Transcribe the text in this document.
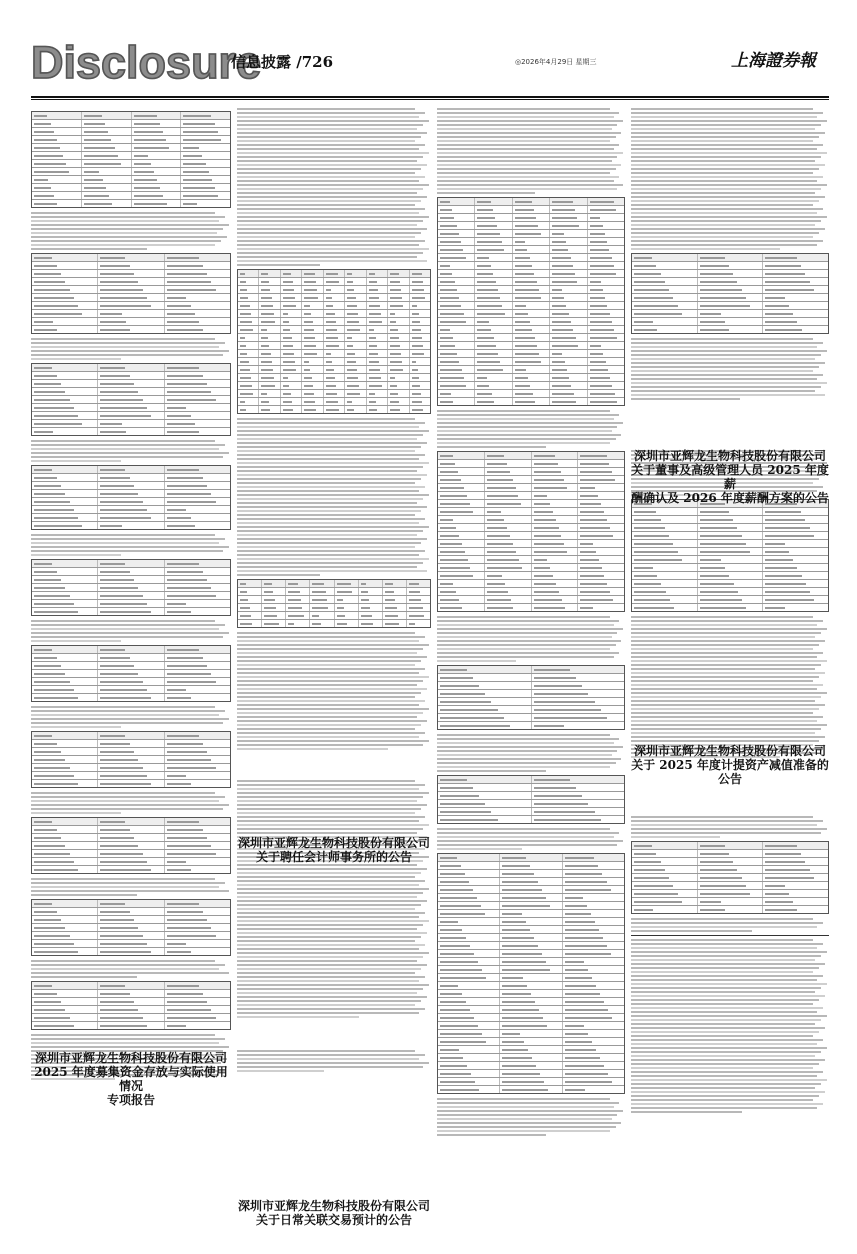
Disclosure
信息披露 /726	◎2026年4月29日 星期三	上海證券報
深圳市亚辉龙生物科技股份有限公司
2025 年度募集资金存放与实际使用情况
专项报告
深圳市亚辉龙生物科技股份有限公司
关于聘任会计师事务所的公告
深圳市亚辉龙生物科技股份有限公司
关于日常关联交易预计的公告
深圳市亚辉龙生物科技股份有限公司
关于董事及高级管理人员 2025 年度薪
酬确认及 2026 年度薪酬方案的公告
深圳市亚辉龙生物科技股份有限公司
关于 2025 年度计提资产减值准备的公告
